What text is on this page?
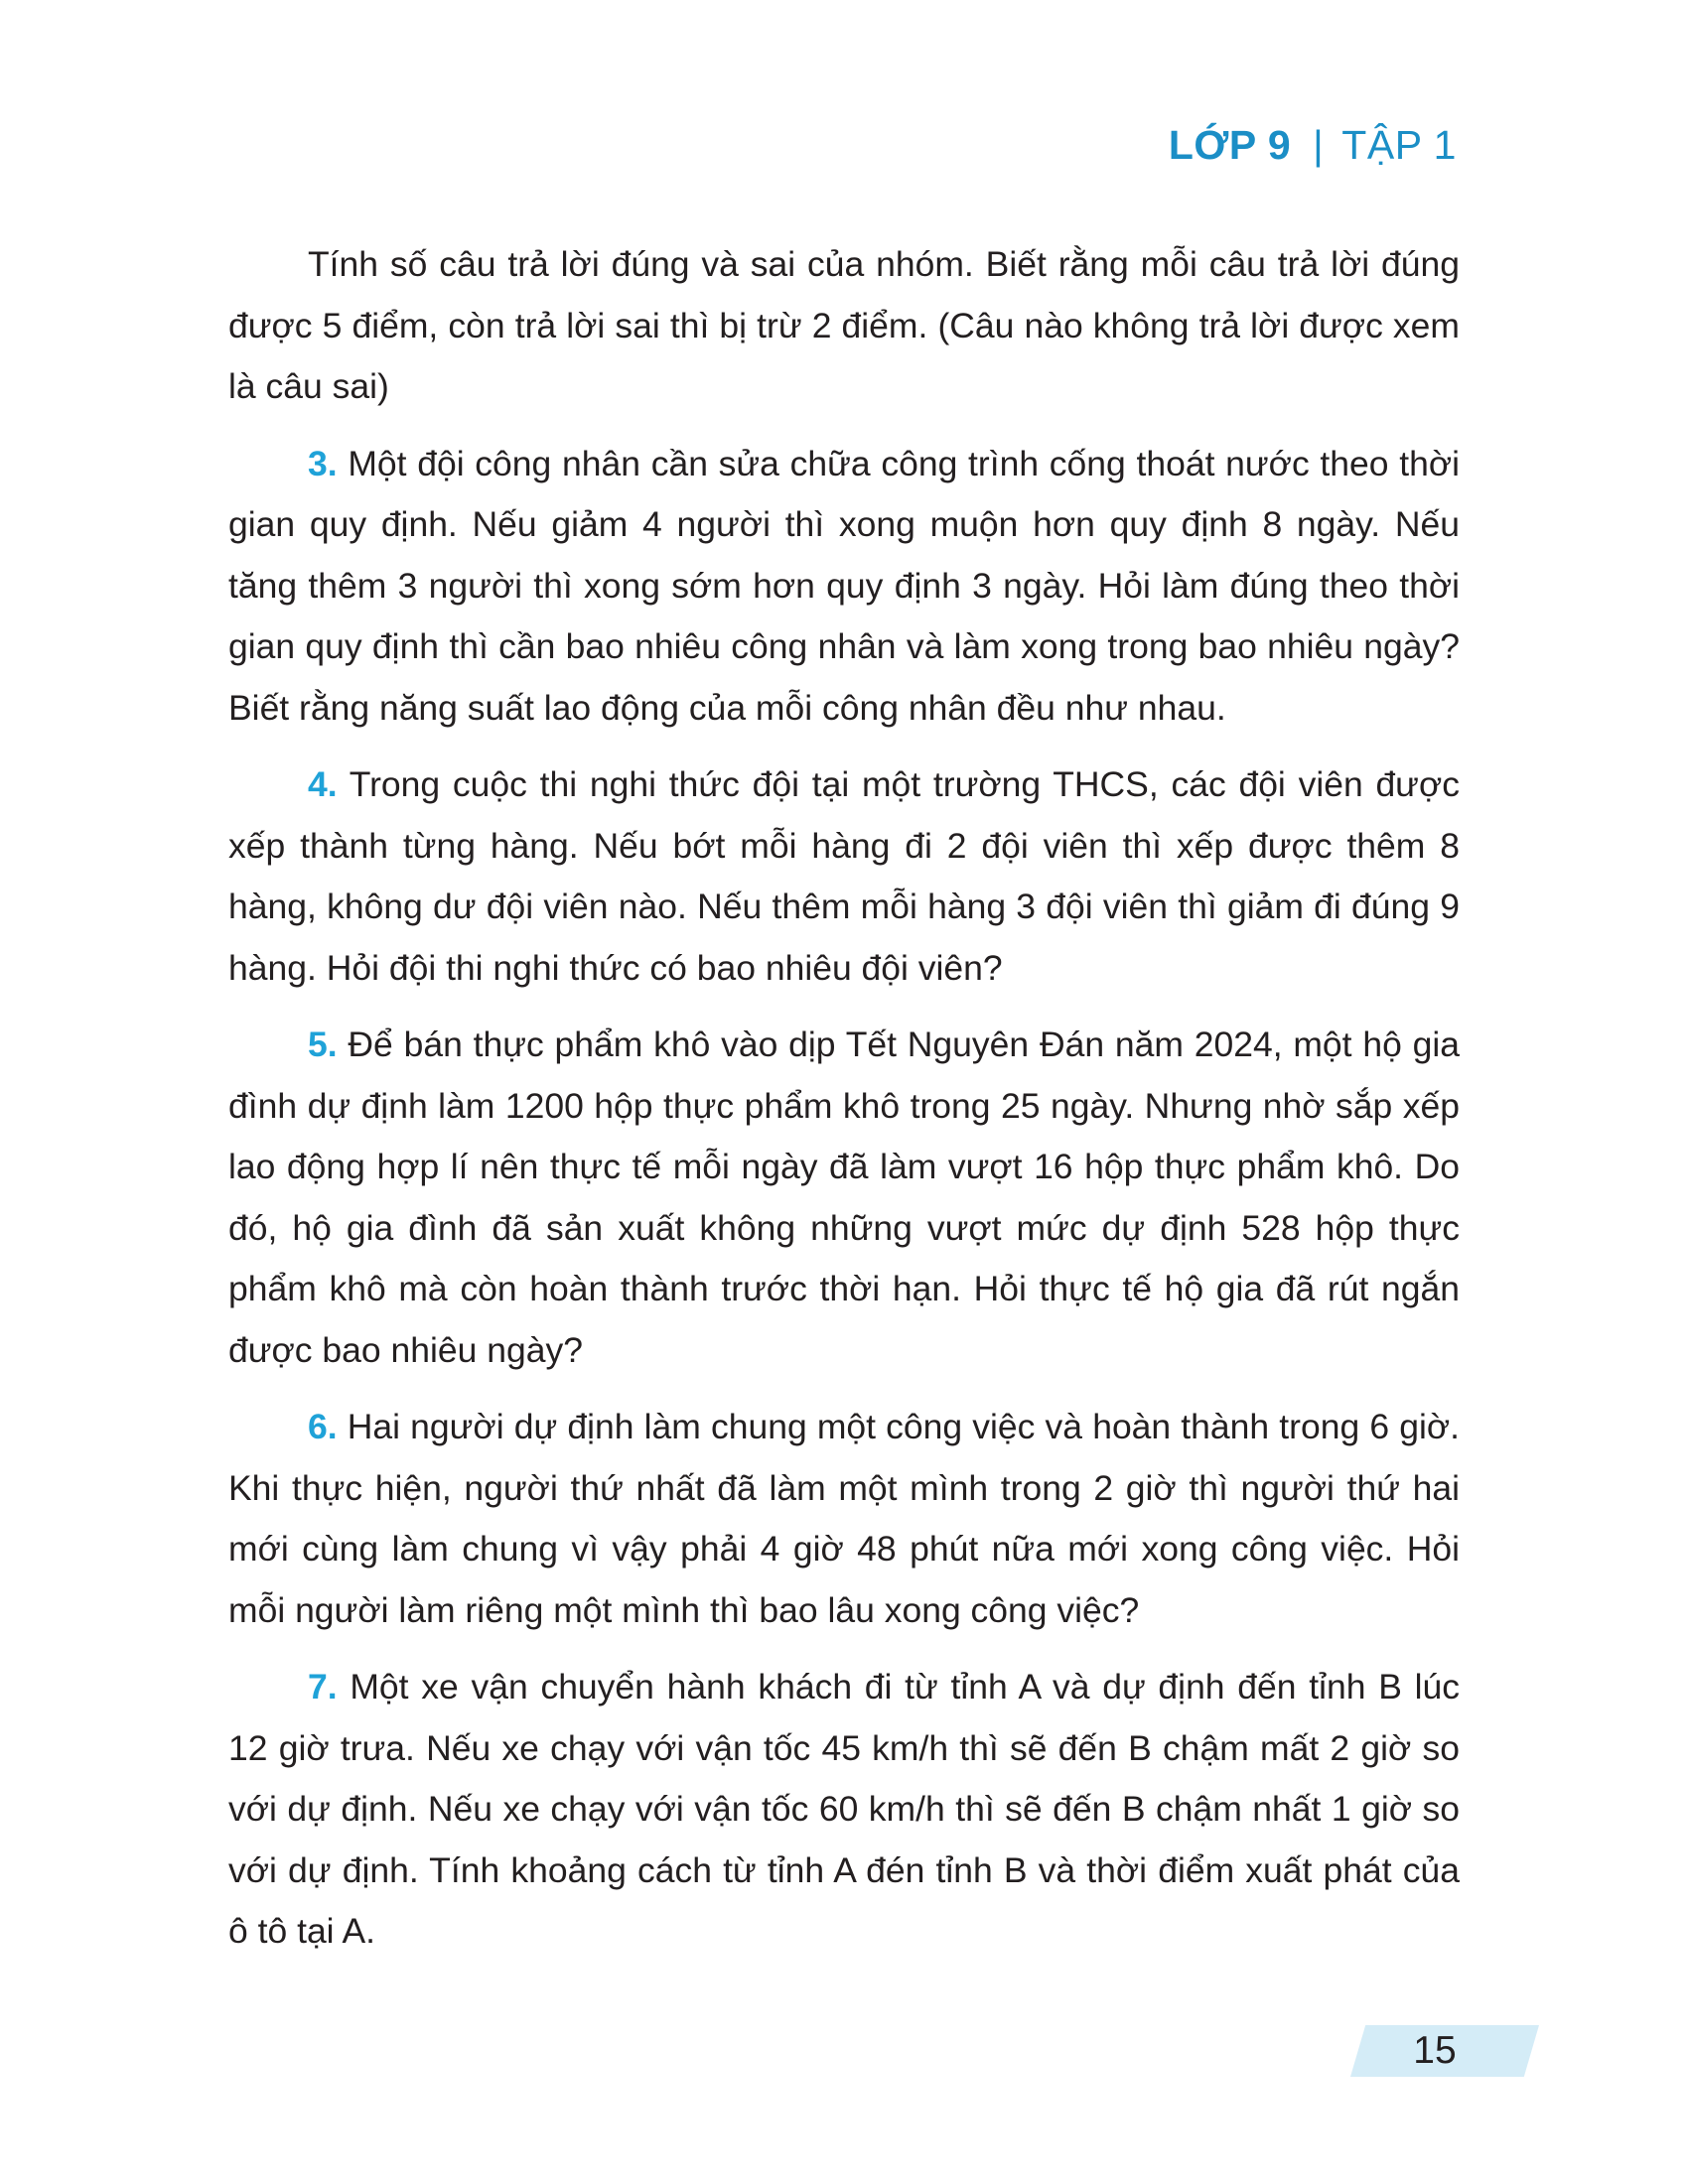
LỚP 9 | TẬP 1

Tính số câu trả lời đúng và sai của nhóm. Biết rằng mỗi câu trả lời đúng được 5 điểm, còn trả lời sai thì bị trừ 2 điểm. (Câu nào không trả lời được xem là câu sai)

3. Một đội công nhân cần sửa chữa công trình cống thoát nước theo thời gian quy định. Nếu giảm 4 người thì xong muộn hơn quy định 8 ngày. Nếu tăng thêm 3 người thì xong sớm hơn quy định 3 ngày. Hỏi làm đúng theo thời gian quy định thì cần bao nhiêu công nhân và làm xong trong bao nhiêu ngày? Biết rằng năng suất lao động của mỗi công nhân đều như nhau.

4. Trong cuộc thi nghi thức đội tại một trường THCS, các đội viên được xếp thành từng hàng. Nếu bớt mỗi hàng đi 2 đội viên thì xếp được thêm 8 hàng, không dư đội viên nào. Nếu thêm mỗi hàng 3 đội viên thì giảm đi đúng 9 hàng. Hỏi đội thi nghi thức có bao nhiêu đội viên?

5. Để bán thực phẩm khô vào dịp Tết Nguyên Đán năm 2024, một hộ gia đình dự định làm 1200 hộp thực phẩm khô trong 25 ngày. Nhưng nhờ sắp xếp lao động hợp lí nên thực tế mỗi ngày đã làm vượt 16 hộp thực phẩm khô. Do đó, hộ gia đình đã sản xuất không những vượt mức dự định 528 hộp thực phẩm khô mà còn hoàn thành trước thời hạn. Hỏi thực tế hộ gia đã rút ngắn được bao nhiêu ngày?

6. Hai người dự định làm chung một công việc và hoàn thành trong 6 giờ. Khi thực hiện, người thứ nhất đã làm một mình trong 2 giờ thì người thứ hai mới cùng làm chung vì vậy phải 4 giờ 48 phút nữa mới xong công việc. Hỏi mỗi người làm riêng một mình thì bao lâu xong công việc?

7. Một xe vận chuyển hành khách đi từ tỉnh A và dự định đến tỉnh B lúc 12 giờ trưa. Nếu xe chạy với vận tốc 45 km/h thì sẽ đến B chậm mất 2 giờ so với dự định. Nếu xe chạy với vận tốc 60 km/h thì sẽ đến B chậm nhất 1 giờ so với dự định. Tính khoảng cách từ tỉnh A đén tỉnh B và thời điểm xuất phát của ô tô tại A.

15
